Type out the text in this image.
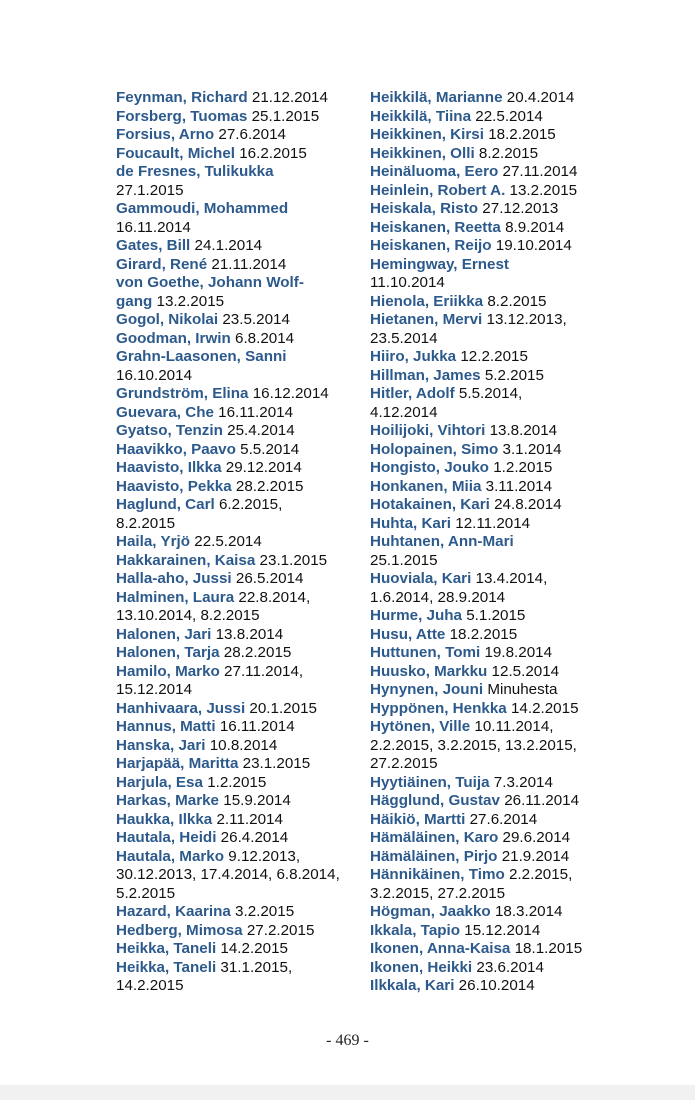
Feynman, Richard 21.12.2014
Forsberg, Tuomas 25.1.2015
Forsius, Arno 27.6.2014
Foucault, Michel 16.2.2015
de Fresnes, Tulikukka
27.1.2015
Gammoudi, Mohammed
16.11.2014
Gates, Bill 24.1.2014
Girard, René 21.11.2014
von Goethe, Johann Wolf-
gang 13.2.2015
Gogol, Nikolai 23.5.2014
Goodman, Irwin 6.8.2014
Grahn-Laasonen, Sanni
16.10.2014
Grundström, Elina 16.12.2014
Guevara, Che 16.11.2014
Gyatso, Tenzin 25.4.2014
Haavikko, Paavo 5.5.2014
Haavisto, Ilkka 29.12.2014
Haavisto, Pekka 28.2.2015
Haglund, Carl 6.2.2015,
8.2.2015
Haila, Yrjö 22.5.2014
Hakkarainen, Kaisa 23.1.2015
Halla-aho, Jussi 26.5.2014
Halminen, Laura 22.8.2014,
13.10.2014, 8.2.2015
Halonen, Jari 13.8.2014
Halonen, Tarja 28.2.2015
Hamilo, Marko 27.11.2014,
15.12.2014
Hanhivaara, Jussi 20.1.2015
Hannus, Matti 16.11.2014
Hanska, Jari 10.8.2014
Harjapää, Maritta 23.1.2015
Harjula, Esa 1.2.2015
Harkas, Marke 15.9.2014
Haukka, Ilkka 2.11.2014
Hautala, Heidi 26.4.2014
Hautala, Marko 9.12.2013,
30.12.2013, 17.4.2014, 6.8.2014,
5.2.2015
Hazard, Kaarina 3.2.2015
Hedberg, Mimosa 27.2.2015
Heikka, Taneli 14.2.2015
Heikka, Taneli 31.1.2015,
14.2.2015
Heikkilä, Marianne 20.4.2014
Heikkilä, Tiina 22.5.2014
Heikkinen, Kirsi 18.2.2015
Heikkinen, Olli 8.2.2015
Heinäluoma, Eero 27.11.2014
Heinlein, Robert A. 13.2.2015
Heiskala, Risto 27.12.2013
Heiskanen, Reetta 8.9.2014
Heiskanen, Reijo 19.10.2014
Hemingway, Ernest
11.10.2014
Hienola, Eriikka 8.2.2015
Hietanen, Mervi 13.12.2013,
23.5.2014
Hiiro, Jukka 12.2.2015
Hillman, James 5.2.2015
Hitler, Adolf 5.5.2014,
4.12.2014
Hoilijoki, Vihtori 13.8.2014
Holopainen, Simo 3.1.2014
Hongisto, Jouko 1.2.2015
Honkanen, Miia 3.11.2014
Hotakainen, Kari 24.8.2014
Huhta, Kari 12.11.2014
Huhtanen, Ann-Mari
25.1.2015
Huoviala, Kari 13.4.2014,
1.6.2014, 28.9.2014
Hurme, Juha 5.1.2015
Husu, Atte 18.2.2015
Huttunen, Tomi 19.8.2014
Huusko, Markku 12.5.2014
Hynynen, Jouni Minuhesta
Hyppönen, Henkka 14.2.2015
Hytönen, Ville 10.11.2014,
2.2.2015, 3.2.2015, 13.2.2015,
27.2.2015
Hyytiäinen, Tuija 7.3.2014
Hägglund, Gustav 26.11.2014
Häikiö, Martti 27.6.2014
Hämäläinen, Karo 29.6.2014
Hämäläinen, Pirjo 21.9.2014
Hännikäinen, Timo 2.2.2015,
3.2.2015, 27.2.2015
Högman, Jaakko 18.3.2014
Ikkala, Tapio 15.12.2014
Ikonen, Anna-Kaisa 18.1.2015
Ikonen, Heikki 23.6.2014
Ilkkala, Kari 26.10.2014
- 469 -
